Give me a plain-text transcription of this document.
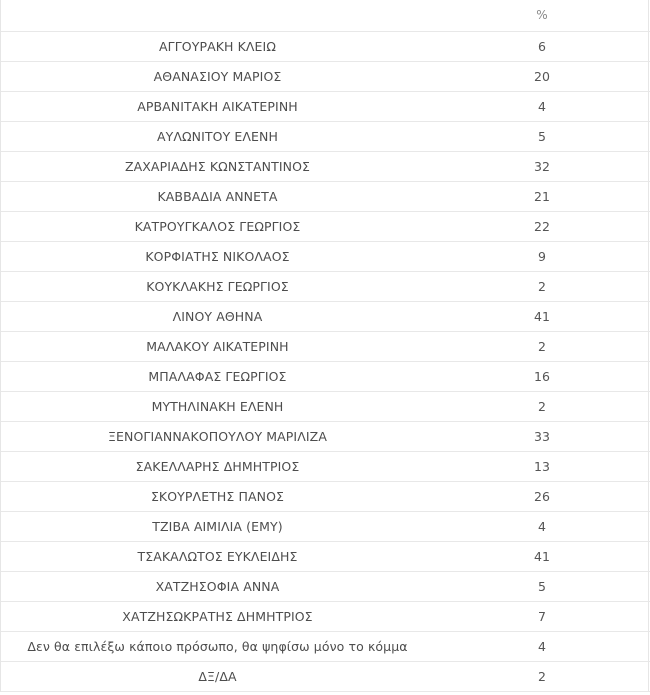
	%
ΑΓΓΟΥΡΑΚΗ ΚΛΕΙΩ	6
ΑΘΑΝΑΣΙΟΥ ΜΑΡΙΟΣ	20
ΑΡΒΑΝΙΤΑΚΗ ΑΙΚΑΤΕΡΙΝΗ	4
ΑΥΛΩΝΙΤΟΥ ΕΛΕΝΗ	5
ΖΑΧΑΡΙΑΔΗΣ ΚΩΝΣΤΑΝΤΙΝΟΣ	32
ΚΑΒΒΑΔΙΑ ΑΝΝΕΤΑ	21
ΚΑΤΡΟΥΓΚΑΛΟΣ ΓΕΩΡΓΙΟΣ	22
ΚΟΡΦΙΑΤΗΣ ΝΙΚΟΛΑΟΣ	9
ΚΟΥΚΛΑΚΗΣ ΓΕΩΡΓΙΟΣ	2
ΛΙΝΟΥ ΑΘΗΝΑ	41
ΜΑΛΑΚΟΥ ΑΙΚΑΤΕΡΙΝΗ	2
ΜΠΑΛΑΦΑΣ ΓΕΩΡΓΙΟΣ	16
ΜΥΤΗΛΙΝΑΚΗ ΕΛΕΝΗ	2
ΞΕΝΟΓΙΑΝΝΑΚΟΠΟΥΛΟΥ ΜΑΡΙΛΙΖΑ	33
ΣΑΚΕΛΛΑΡΗΣ ΔΗΜΗΤΡΙΟΣ	13
ΣΚΟΥΡΛΕΤΗΣ ΠΑΝΟΣ	26
ΤΖΙΒΑ ΑΙΜΙΛΙΑ (ΕΜΥ)	4
ΤΣΑΚΑΛΩΤΟΣ ΕΥΚΛΕΙΔΗΣ	41
ΧΑΤΖΗΣΟΦΙΑ ΑΝΝΑ	5
ΧΑΤΖΗΣΩΚΡΑΤΗΣ ΔΗΜΗΤΡΙΟΣ	7
Δεν θα επιλέξω κάποιο πρόσωπο, θα ψηφίσω μόνο το κόμμα	4
ΔΞ/ΔΑ	2
